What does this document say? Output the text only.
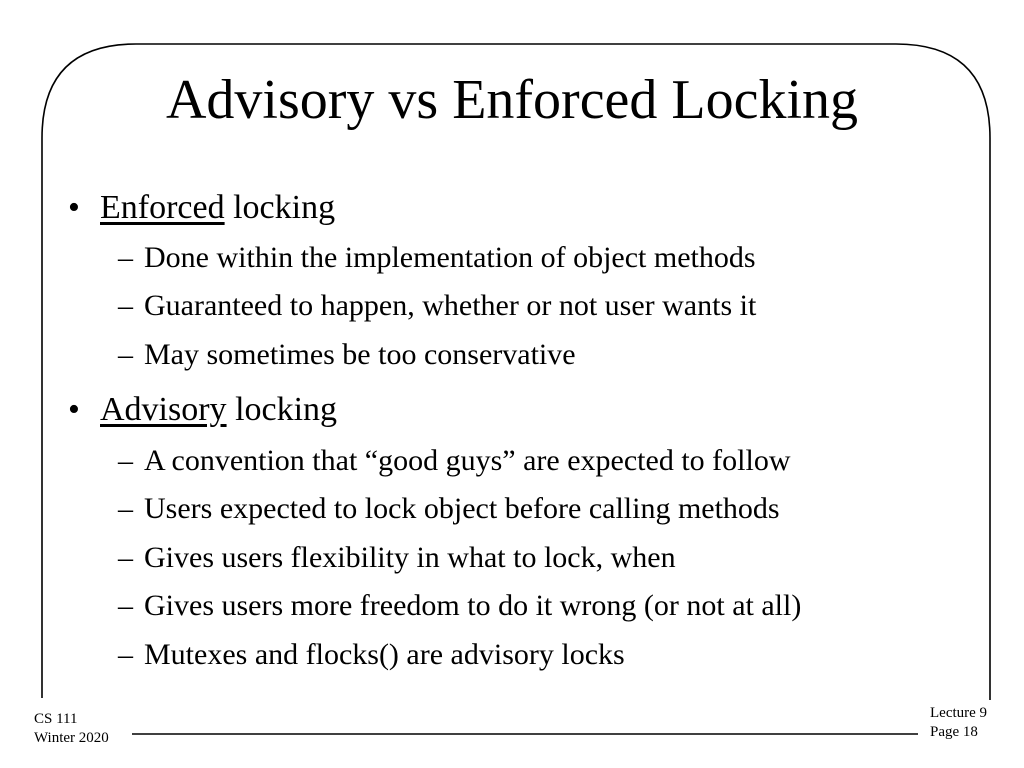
Advisory vs Enforced Locking
• Enforced locking
– Done within the implementation of object methods
– Guaranteed to happen, whether or not user wants it
– May sometimes be too conservative
• Advisory locking
– A convention that “good guys” are expected to follow
– Users expected to lock object before calling methods
– Gives users flexibility in what to lock, when
– Gives users more freedom to do it wrong (or not at all)
– Mutexes and flocks() are advisory locks
CS 111
Winter 2020
Lecture 9
Page 18
